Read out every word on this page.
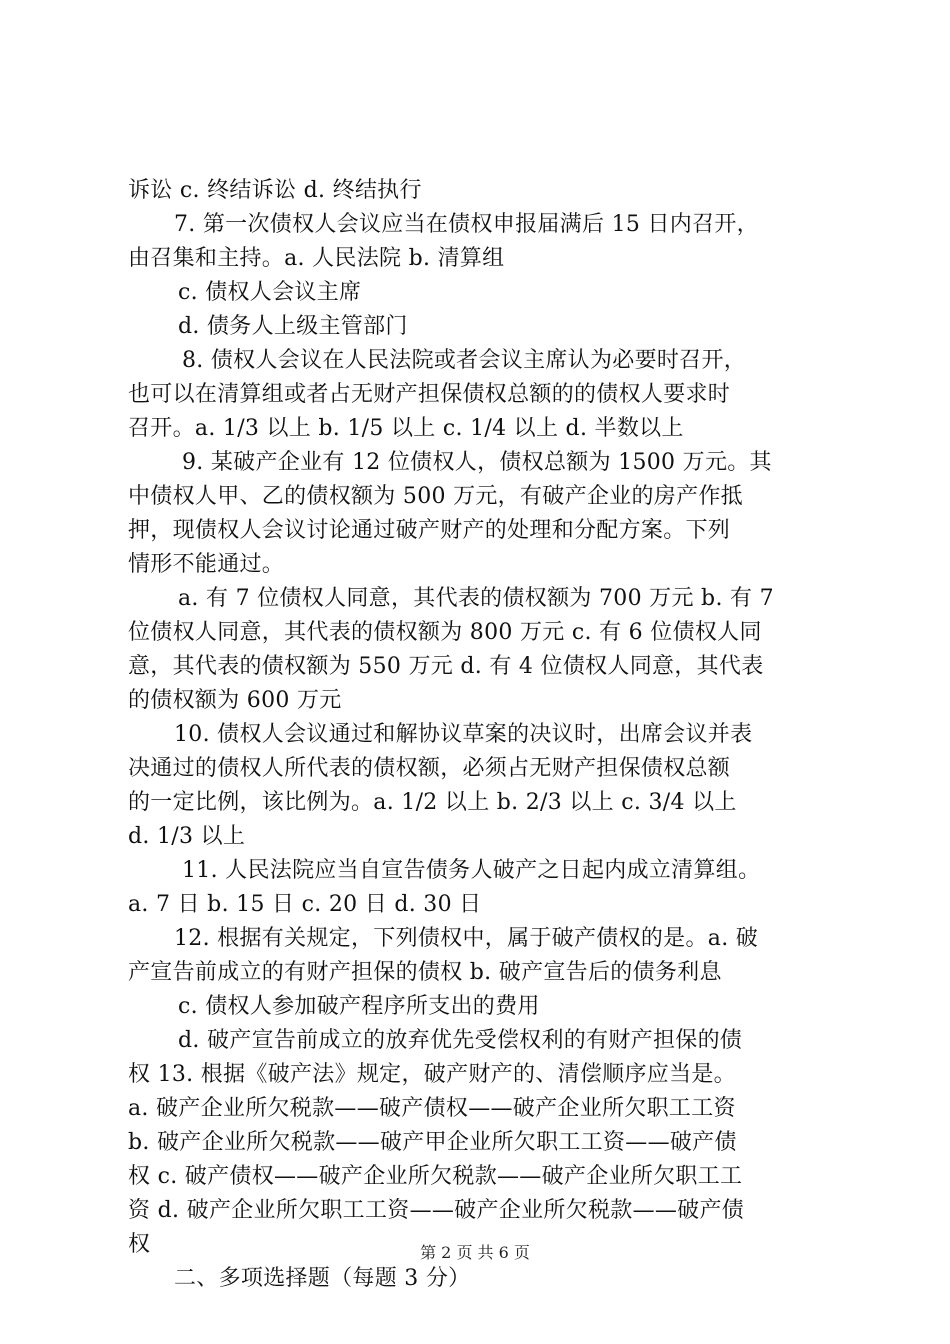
诉讼 c. 终结诉讼 d. 终结执行
7. 第一次债权人会议应当在债权申报届满后 15 日内召开，
由召集和主持。a. 人民法院 b. 清算组
c. 债权人会议主席
d. 债务人上级主管部门
8. 债权人会议在人民法院或者会议主席认为必要时召开，
也可以在清算组或者占无财产担保债权总额的的债权人要求时
召开。a. 1/3 以上 b. 1/5 以上 c. 1/4 以上 d. 半数以上
9. 某破产企业有 12 位债权人，债权总额为 1500 万元。其
中债权人甲、乙的债权额为 500 万元，有破产企业的房产作抵
押，现债权人会议讨论通过破产财产的处理和分配方案。下列
情形不能通过。
a. 有 7 位债权人同意，其代表的债权额为 700 万元 b. 有 7
位债权人同意，其代表的债权额为 800 万元 c. 有 6 位债权人同
意，其代表的债权额为 550 万元 d. 有 4 位债权人同意，其代表
的债权额为 600 万元
10. 债权人会议通过和解协议草案的决议时，出席会议并表
决通过的债权人所代表的债权额，必须占无财产担保债权总额
的一定比例，该比例为。a. 1/2 以上 b. 2/3 以上 c. 3/4 以上
d. 1/3 以上
11. 人民法院应当自宣告债务人破产之日起内成立清算组。
a. 7 日 b. 15 日 c. 20 日 d. 30 日
12. 根据有关规定，下列债权中，属于破产债权的是。a. 破
产宣告前成立的有财产担保的债权 b. 破产宣告后的债务利息
c. 债权人参加破产程序所支出的费用
d. 破产宣告前成立的放弃优先受偿权利的有财产担保的债
权 13. 根据《破产法》规定，破产财产的、清偿顺序应当是。
a. 破产企业所欠税款——破产债权——破产企业所欠职工工资
b. 破产企业所欠税款——破产甲企业所欠职工工资——破产债
权 c. 破产债权——破产企业所欠税款——破产企业所欠职工工
资 d. 破产企业所欠职工工资——破产企业所欠税款——破产债
权
二、多项选择题（每题 3 分）
第 2 页 共 6 页
